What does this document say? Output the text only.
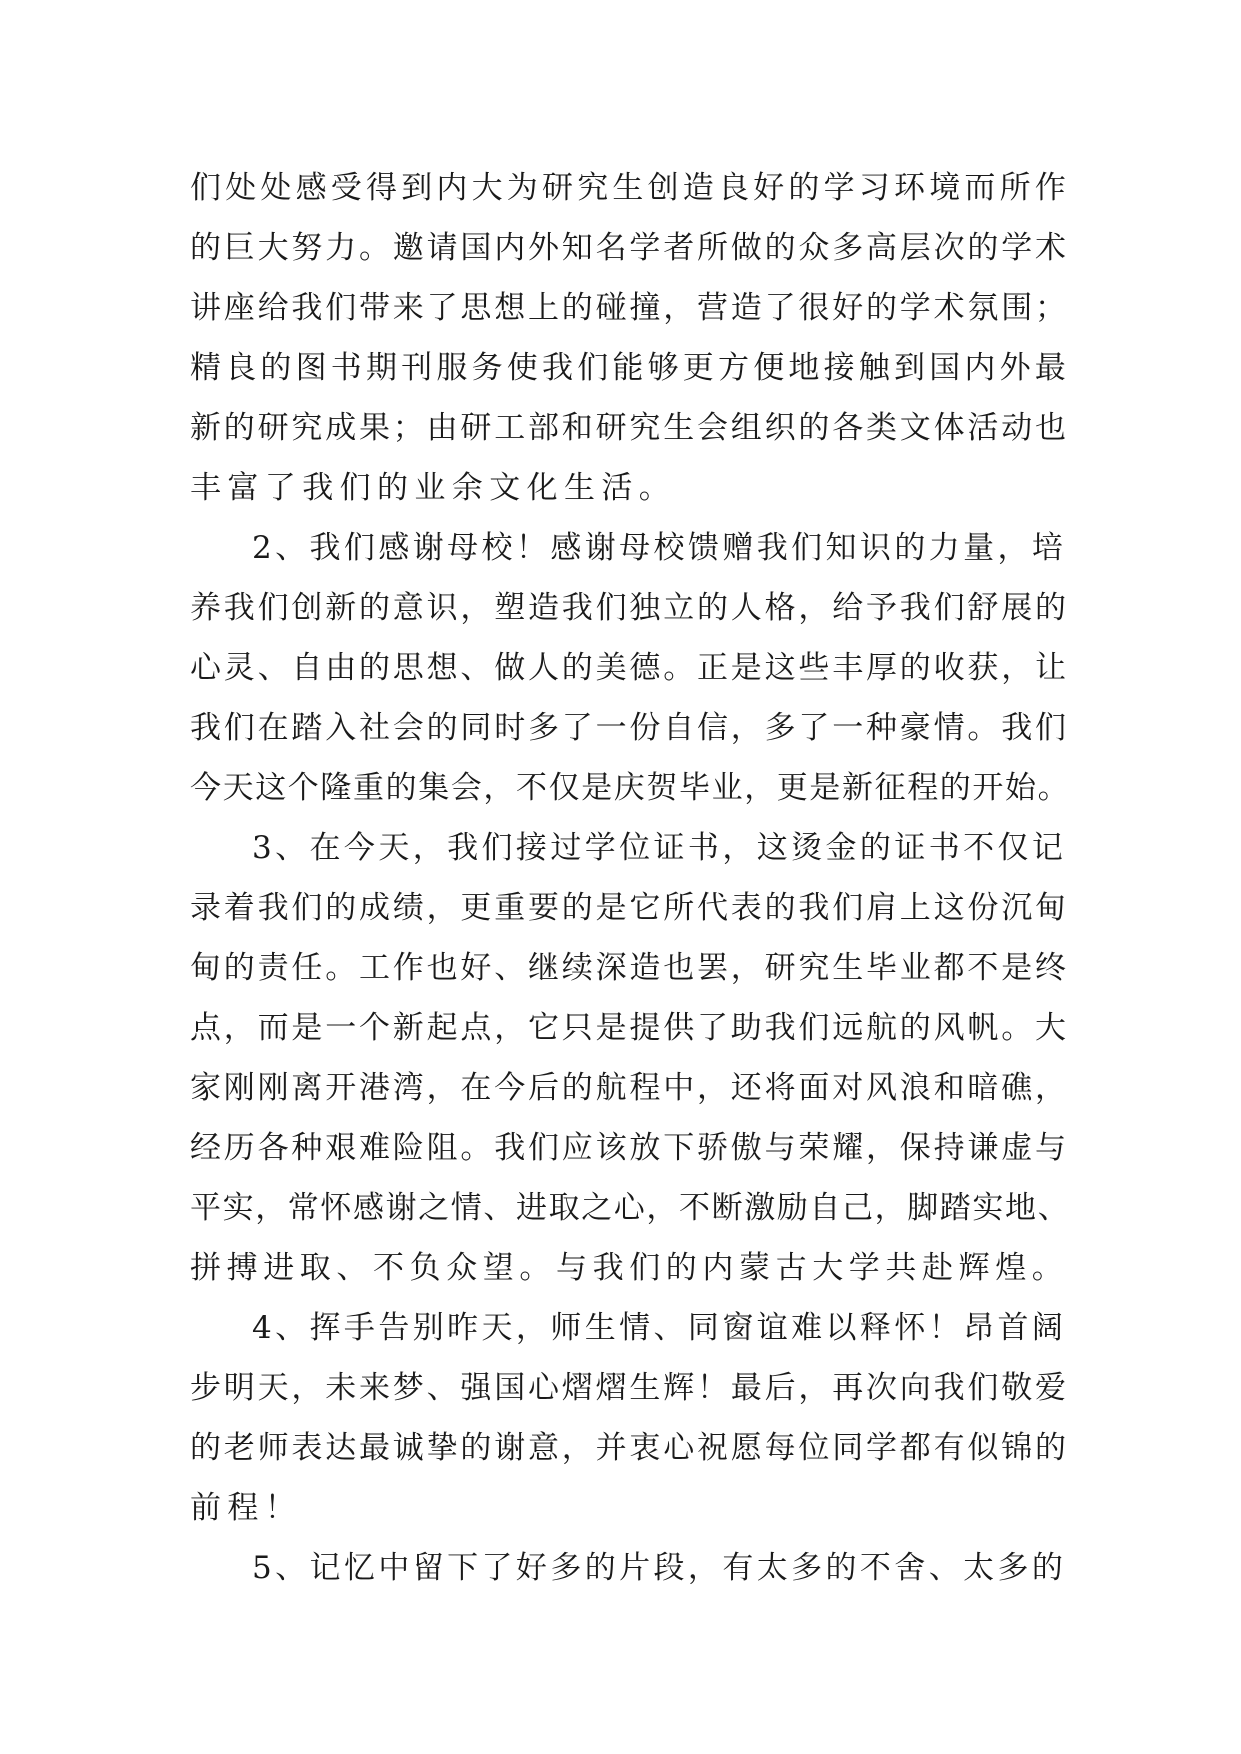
们处处感受得到内大为研究生创造良好的学习环境而所作
的巨大努力。邀请国内外知名学者所做的众多高层次的学术
讲座给我们带来了思想上的碰撞，营造了很好的学术氛围；
精良的图书期刊服务使我们能够更方便地接触到国内外最
新的研究成果；由研工部和研究生会组织的各类文体活动也
丰富了我们的业余文化生活。
2、我们感谢母校！感谢母校馈赠我们知识的力量，培
养我们创新的意识，塑造我们独立的人格，给予我们舒展的
心灵、自由的思想、做人的美德。正是这些丰厚的收获，让
我们在踏入社会的同时多了一份自信，多了一种豪情。我们
今天这个隆重的集会，不仅是庆贺毕业，更是新征程的开始。
3、在今天，我们接过学位证书，这烫金的证书不仅记
录着我们的成绩，更重要的是它所代表的我们肩上这份沉甸
甸的责任。工作也好、继续深造也罢，研究生毕业都不是终
点，而是一个新起点，它只是提供了助我们远航的风帆。大
家刚刚离开港湾，在今后的航程中，还将面对风浪和暗礁，
经历各种艰难险阻。我们应该放下骄傲与荣耀，保持谦虚与
平实，常怀感谢之情、进取之心，不断激励自己，脚踏实地、
拼搏进取、不负众望。与我们的内蒙古大学共赴辉煌。
4、挥手告别昨天，师生情、同窗谊难以释怀！昂首阔
步明天，未来梦、强国心熠熠生辉！最后，再次向我们敬爱
的老师表达最诚挚的谢意，并衷心祝愿每位同学都有似锦的
前程！
5、记忆中留下了好多的片段，有太多的不舍、太多的
